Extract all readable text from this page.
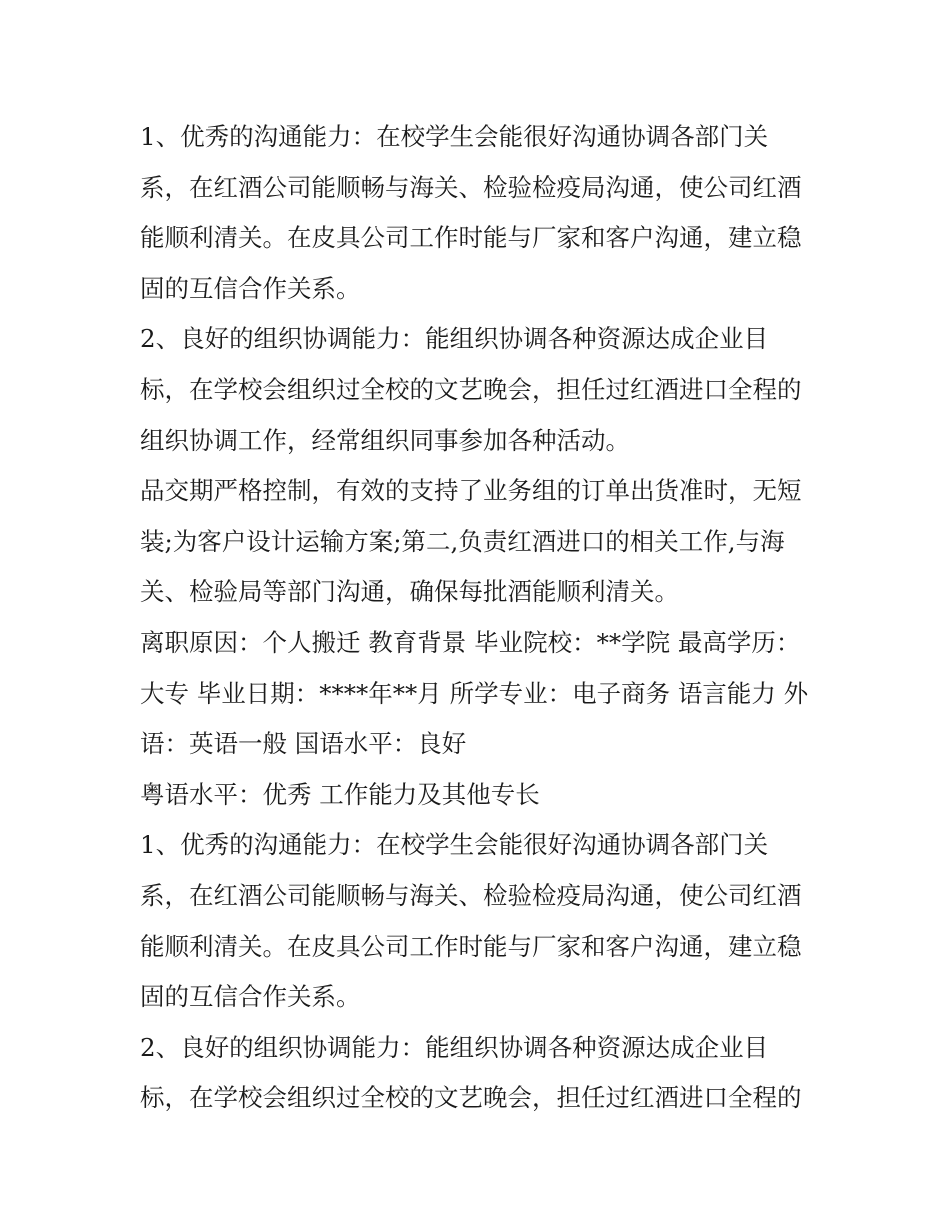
1、优秀的沟通能力：在校学生会能很好沟通协调各部门关
系，在红酒公司能顺畅与海关、检验检疫局沟通，使公司红酒
能顺利清关。在皮具公司工作时能与厂家和客户沟通，建立稳
固的互信合作关系。
2、良好的组织协调能力：能组织协调各种资源达成企业目
标，在学校会组织过全校的文艺晚会，担任过红酒进口全程的
组织协调工作，经常组织同事参加各种活动。
品交期严格控制，有效的支持了业务组的订单出货准时，无短
装;为客户设计运输方案;第二,负责红酒进口的相关工作,与海
关、检验局等部门沟通，确保每批酒能顺利清关。
离职原因：个人搬迁 教育背景 毕业院校：**学院 最高学历：
大专 毕业日期：****年**月 所学专业：电子商务 语言能力 外
语：英语一般 国语水平：良好
粤语水平：优秀 工作能力及其他专长
1、优秀的沟通能力：在校学生会能很好沟通协调各部门关
系，在红酒公司能顺畅与海关、检验检疫局沟通，使公司红酒
能顺利清关。在皮具公司工作时能与厂家和客户沟通，建立稳
固的互信合作关系。
2、良好的组织协调能力：能组织协调各种资源达成企业目
标，在学校会组织过全校的文艺晚会，担任过红酒进口全程的
